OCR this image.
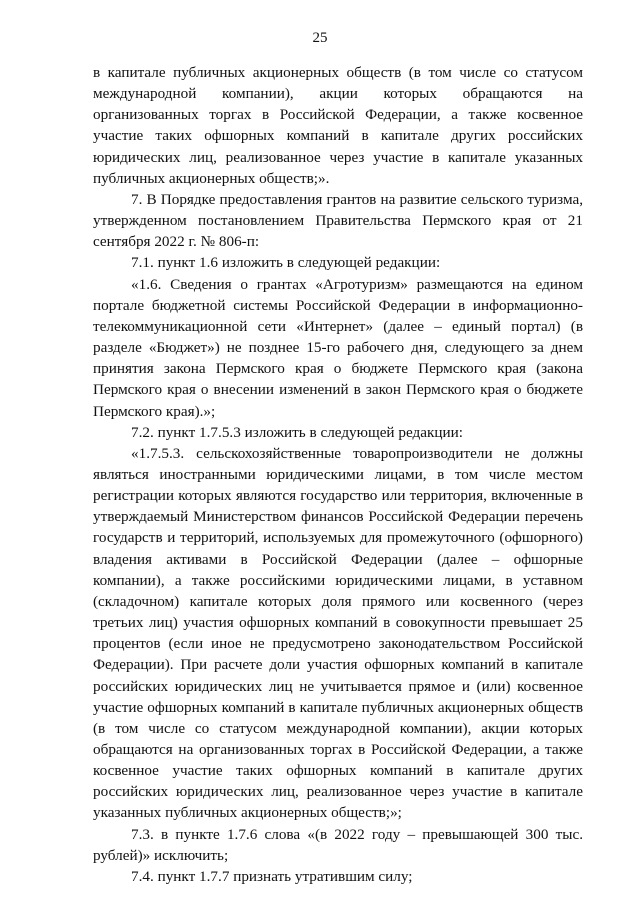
25

в капитале публичных акционерных обществ (в том числе со статусом международной компании), акции которых обращаются на организованных торгах в Российской Федерации, а также косвенное участие таких офшорных компаний в капитале других российских юридических лиц, реализованное через участие в капитале указанных публичных акционерных обществ;».

7. В Порядке предоставления грантов на развитие сельского туризма, утвержденном постановлением Правительства Пермского края от 21 сентября 2022 г. № 806-п:

7.1. пункт 1.6 изложить в следующей редакции:

«1.6. Сведения о грантах «Агротуризм» размещаются на едином портале бюджетной системы Российской Федерации в информационно-телекоммуникационной сети «Интернет» (далее – единый портал) (в разделе «Бюджет») не позднее 15-го рабочего дня, следующего за днем принятия закона Пермского края о бюджете Пермского края (закона Пермского края о внесении изменений в закон Пермского края о бюджете Пермского края).»;

7.2. пункт 1.7.5.3 изложить в следующей редакции:

«1.7.5.3. сельскохозяйственные товаропроизводители не должны являться иностранными юридическими лицами, в том числе местом регистрации которых являются государство или территория, включенные в утверждаемый Министерством финансов Российской Федерации перечень государств и территорий, используемых для промежуточного (офшорного) владения активами в Российской Федерации (далее – офшорные компании), а также российскими юридическими лицами, в уставном (складочном) капитале которых доля прямого или косвенного (через третьих лиц) участия офшорных компаний в совокупности превышает 25 процентов (если иное не предусмотрено законодательством Российской Федерации). При расчете доли участия офшорных компаний в капитале российских юридических лиц не учитывается прямое и (или) косвенное участие офшорных компаний в капитале публичных акционерных обществ (в том числе со статусом международной компании), акции которых обращаются на организованных торгах в Российской Федерации, а также косвенное участие таких офшорных компаний в капитале других российских юридических лиц, реализованное через участие в капитале указанных публичных акционерных обществ;»;

7.3. в пункте 1.7.6 слова «(в 2022 году – превышающей 300 тыс. рублей)» исключить;

7.4. пункт 1.7.7 признать утратившим силу;
